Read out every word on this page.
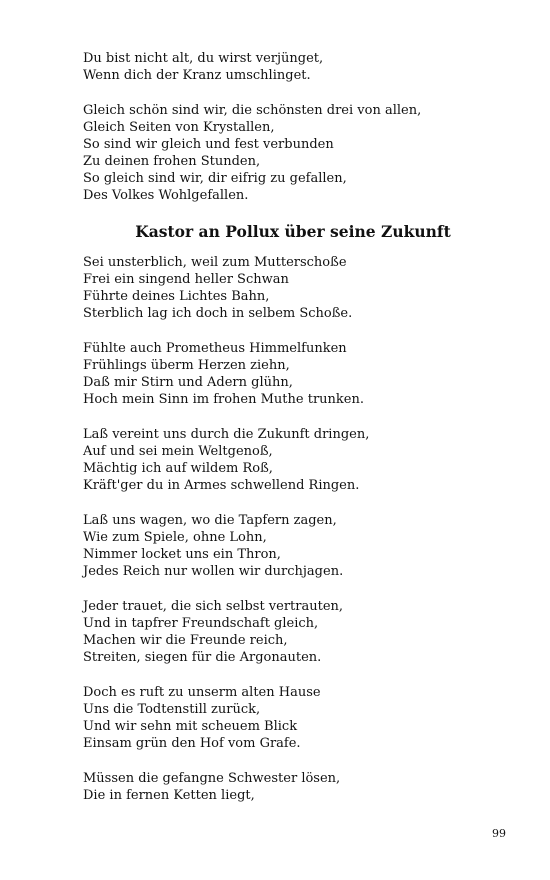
Du bist nicht alt, du wirst verjünget,
Wenn dich der Kranz umschlinget.
Gleich schön sind wir, die schönsten drei von allen,
Gleich Seiten von Krystallen,
So sind wir gleich und fest verbunden
Zu deinen frohen Stunden,
So gleich sind wir, dir eifrig zu gefallen,
Des Volkes Wohlgefallen.
Kastor an Pollux über seine Zukunft
Sei unsterblich, weil zum Mutterschoße
Frei ein singend heller Schwan
Führte deines Lichtes Bahn,
Sterblich lag ich doch in selbem Schoße.
Fühlte auch Prometheus Himmelfunken
Frühlings überm Herzen ziehn,
Daß mir Stirn und Adern glühn,
Hoch mein Sinn im frohen Muthe trunken.
Laß vereint uns durch die Zukunft dringen,
Auf und sei mein Weltgenoß,
Mächtig ich auf wildem Roß,
Kräft'ger du in Armes schwellend Ringen.
Laß uns wagen, wo die Tapfern zagen,
Wie zum Spiele, ohne Lohn,
Nimmer locket uns ein Thron,
Jedes Reich nur wollen wir durchjagen.
Jeder trauet, die sich selbst vertrauten,
Und in tapfrer Freundschaft gleich,
Machen wir die Freunde reich,
Streiten, siegen für die Argonauten.
Doch es ruft zu unserm alten Hause
Uns die Todtenstill zurück,
Und wir sehn mit scheuem Blick
Einsam grün den Hof vom Grafe.
Müssen die gefangne Schwester lösen,
Die in fernen Ketten liegt,
99
